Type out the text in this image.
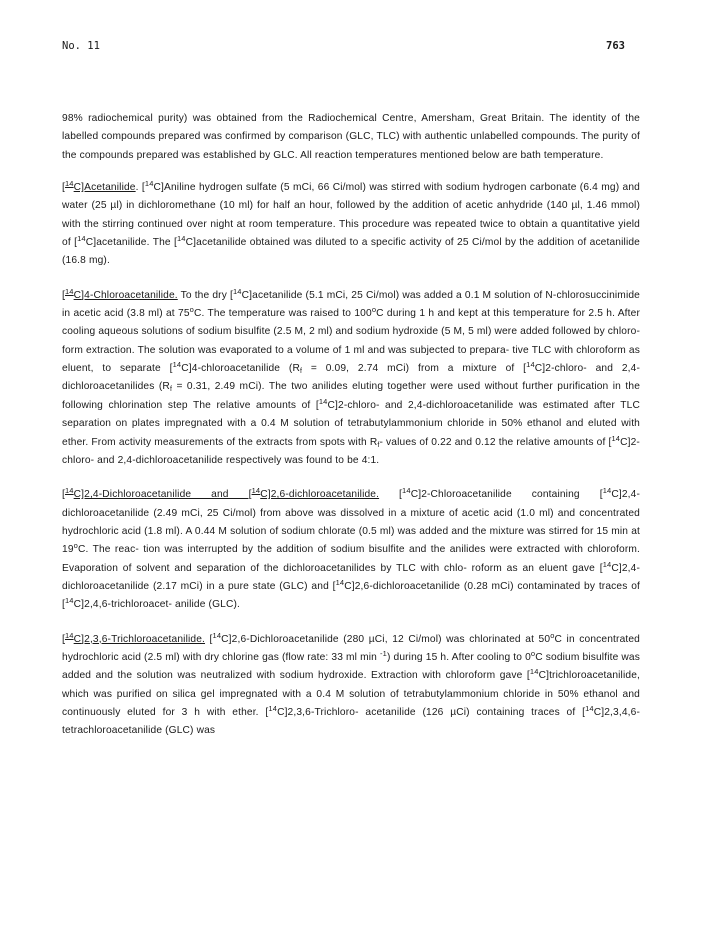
No. 11	763

98% radiochemical purity) was obtained from the Radiochemical Centre, Amersham, Great Britain. The identity of the labelled compounds prepared was confirmed by comparison (GLC, TLC) with authentic unlabelled compounds. The purity of the compounds prepared was established by GLC. All reaction temperatures mentioned below are bath temperature.

[$^{14}$C]Acetanilide. [$^{14}$C]Aniline hydrogen sulfate (5 mCi, 66 Ci/mol) was stirred with sodium hydrogen carbonate (6.4 mg) and water (25 µl) in dichloromethane (10 ml) for half an hour, followed by the addition of acetic anhydride (140 µl, 1.46 mmol) with the stirring continued over night at room temperature. This procedure was repeated twice to obtain a quantitative yield of [$^{14}$C]acetanilide. The [$^{14}$C]acetanilide obtained was diluted to a specific activity of 25 Ci/mol by the addition of acetanilide (16.8 mg).

[$^{14}$C]4-Chloroacetanilide. To the dry [$^{14}$C]acetanilide (5.1 mCi, 25 Ci/mol) was added a 0.1 M solution of N-chlorosuccinimide in acetic acid (3.8 ml) at 75$^o$C. The temperature was raised to 100$^o$C during 1 h and kept at this temperature for 2.5 h. After cooling aqueous solutions of sodium bisulfite (2.5 M, 2 ml) and sodium hydroxide (5 M, 5 ml) were added followed by chloro- form extraction. The solution was evaporated to a volume of 1 ml and was subjected to prepara- tive TLC with chloroform as eluent, to separate [$^{14}$C]4-chloroacetanilide ($R_f = 0.09$, 2.74 mCi) from a mixture of [$^{14}$C]2-chloro- and 2,4-dichloroacetanilides ($R_f = 0.31$, 2.49 mCi). The two anilides eluting together were used without further purification in the following chlorination step The relative amounts of [$^{14}$C]2-chloro- and 2,4-dichloroacetanilide was estimated after TLC separation on plates impregnated with a 0.4 M solution of tetrabutylammonium chloride in 50% ethanol and eluted with ether. From activity measurements of the extracts from spots with $R_f-$ values of 0.22 and 0.12 the relative amounts of [$^{14}$C]2-chloro- and 2,4-dichloroacetanilide respectively was found to be 4:1.

[$^{14}$C]2,4-Dichloroacetanilide and [$^{14}$C]2,6-dichloroacetanilide. [$^{14}$C]2-Chloroacetanilide containing [$^{14}$C]2,4-dichloroacetanilide (2.49 mCi, 25 Ci/mol) from above was dissolved in a mixture of acetic acid (1.0 ml) and concentrated hydrochloric acid (1.8 ml). A 0.44 M solution of sodium chlorate (0.5 ml) was added and the mixture was stirred for 15 min at 19$^o$C. The reac- tion was interrupted by the addition of sodium bisulfite and the anilides were extracted with chloroform. Evaporation of solvent and separation of the dichloroacetanilides by TLC with chlo- roform as an eluent gave [$^{14}$C]2,4-dichloroacetanilide (2.17 mCi) in a pure state (GLC) and [$^{14}$C]2,6-dichloroacetanilide (0.28 mCi) contaminated by traces of [$^{14}$C]2,4,6-trichloroacet- anilide (GLC).

[$^{14}$C]2,3,6-Trichloroacetanilide. [$^{14}$C]2,6-Dichloroacetanilide (280 µCi, 12 Ci/mol) was chlorinated at 50$^o$C in concentrated hydrochloric acid (2.5 ml) with dry chlorine gas (flow rate: 33 ml min $^{-1}$) during 15 h. After cooling to 0$^o$C sodium bisulfite was added and the solution was neutralized with sodium hydroxide. Extraction with chloroform gave [$^{14}$C]trichloroacetanilide, which was purified on silica gel impregnated with a 0.4 M solution of tetrabutylammonium chloride in 50% ethanol and continuously eluted for 3 h with ether. [$^{14}$C]2,3,6-Trichloro- acetanilide (126 µCi) containing traces of [$^{14}$C]2,3,4,6-tetrachloroacetanilide (GLC) was
